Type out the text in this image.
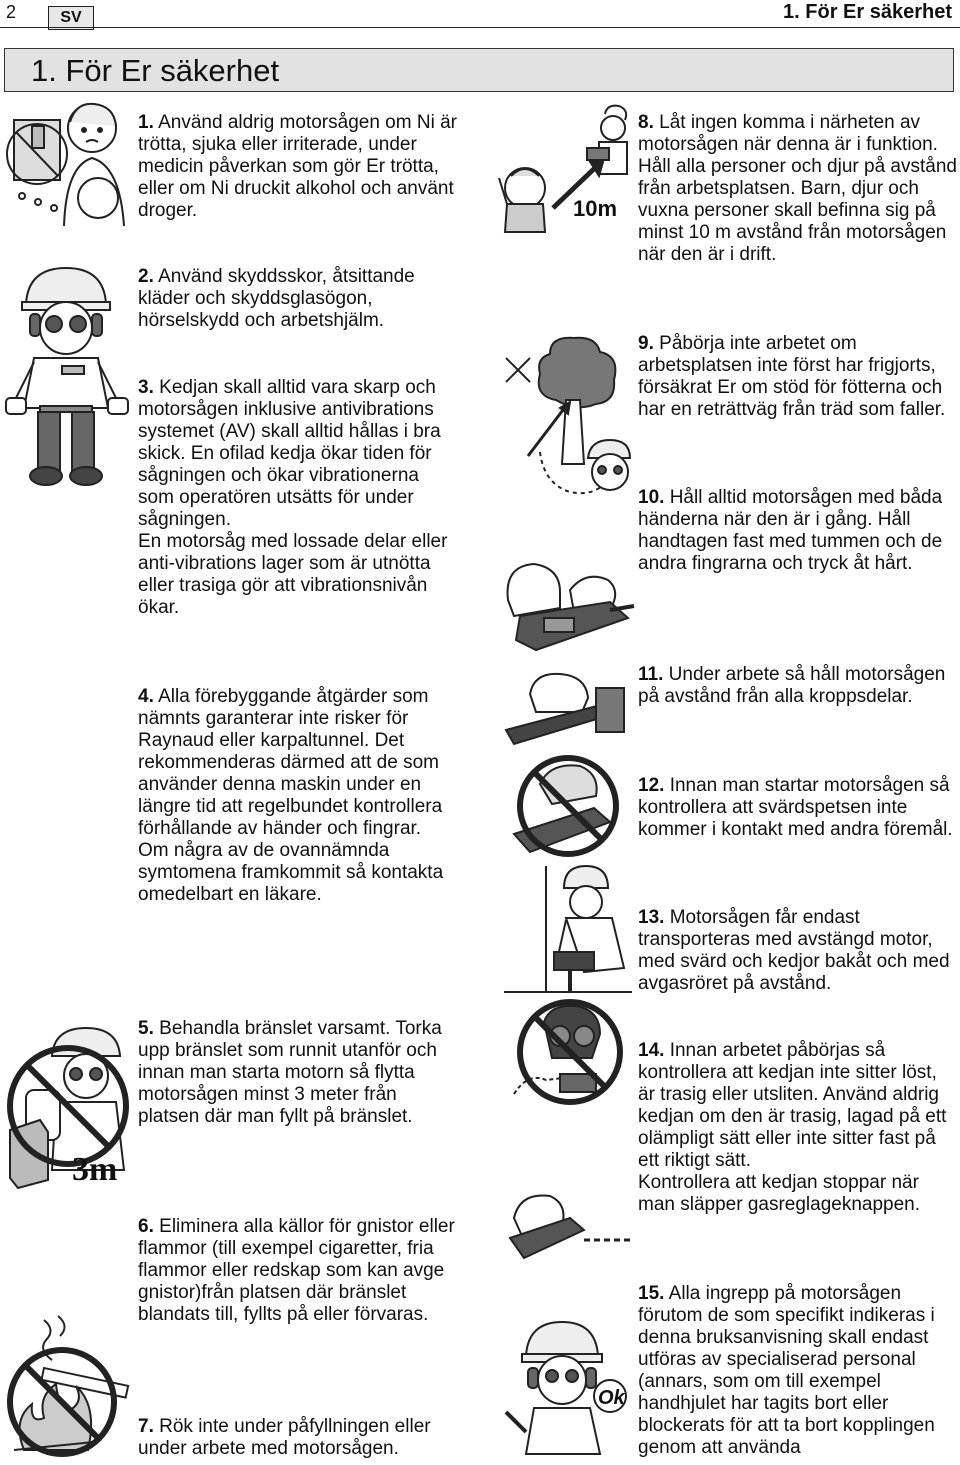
2	SV	1. För Er säkerhet
1. För Er säkerhet

1. Använd aldrig motorsågen om Ni är trötta, sjuka eller irriterade, under medicin påverkan som gör Er trötta, eller om Ni druckit alkohol och använt droger.

2. Använd skyddsskor, åtsittande kläder och skyddsglasögon, hörselskydd och arbetshjälm.

3. Kedjan skall alltid vara skarp och motorsågen inklusive antivibrations systemet (AV) skall alltid hållas i bra skick. En ofilad kedja ökar tiden för sågningen och ökar vibrationerna som operatören utsätts för under sågningen.
En motorsåg med lossade delar eller anti-vibrations lager som är utnötta eller trasiga gör att vibrationsnivån ökar.

4. Alla förebyggande åtgärder som nämnts garanterar inte risker för Raynaud eller karpaltunnel. Det rekommenderas därmed att de som använder denna maskin under en längre tid att regelbundet kontrollera förhållande av händer och fingrar.
Om några av de ovannämnda symtomena framkommit så kontakta omedelbart en läkare.

5. Behandla bränslet varsamt. Torka upp bränslet som runnit utanför och innan man starta motorn så flytta motorsågen minst 3 meter från platsen där man fyllt på bränslet.

6. Eliminera alla källor för gnistor eller flammor (till exempel cigaretter, fria flammor eller redskap som kan avge gnistor)från platsen där bränslet blandats till, fyllts på eller förvaras.

7. Rök inte under påfyllningen eller under arbete med motorsågen.

8. Låt ingen komma i närheten av motorsågen när denna är i funktion. Håll alla personer och djur på avstånd från arbetsplatsen. Barn, djur och vuxna personer skall befinna sig på minst 10 m avstånd från motorsågen när den är i drift.

9. Påbörja inte arbetet om arbetsplatsen inte först har frigjorts, försäkrat Er om stöd för fötterna och har en reträttväg från träd som faller.

10. Håll alltid motorsågen med båda händerna när den är i gång. Håll handtagen fast med tummen och de andra fingrarna och tryck åt hårt.

11. Under arbete så håll motorsågen på avstånd från alla kroppsdelar.

12. Innan man startar motorsågen så kontrollera att svärdspetsen inte kommer i kontakt med andra föremål.

13. Motorsågen får endast transporteras med avstängd motor, med svärd och kedjor bakåt och med avgasröret på avstånd.

14. Innan arbetet påbörjas så kontrollera att kedjan inte sitter löst, är trasig eller utsliten. Använd aldrig kedjan om den är trasig, lagad på ett olämpligt sätt eller inte sitter fast på ett riktigt sätt.
Kontrollera att kedjan stoppar när man släpper gasreglageknappen.

15. Alla ingrepp på motorsågen förutom de som specifikt indikeras i denna bruksanvisning skall endast utföras av specialiserad personal (annars, som om till exempel handhjulet har tagits bort eller blockerats för att ta bort kopplingen genom att använda

3m
10m
Ok
